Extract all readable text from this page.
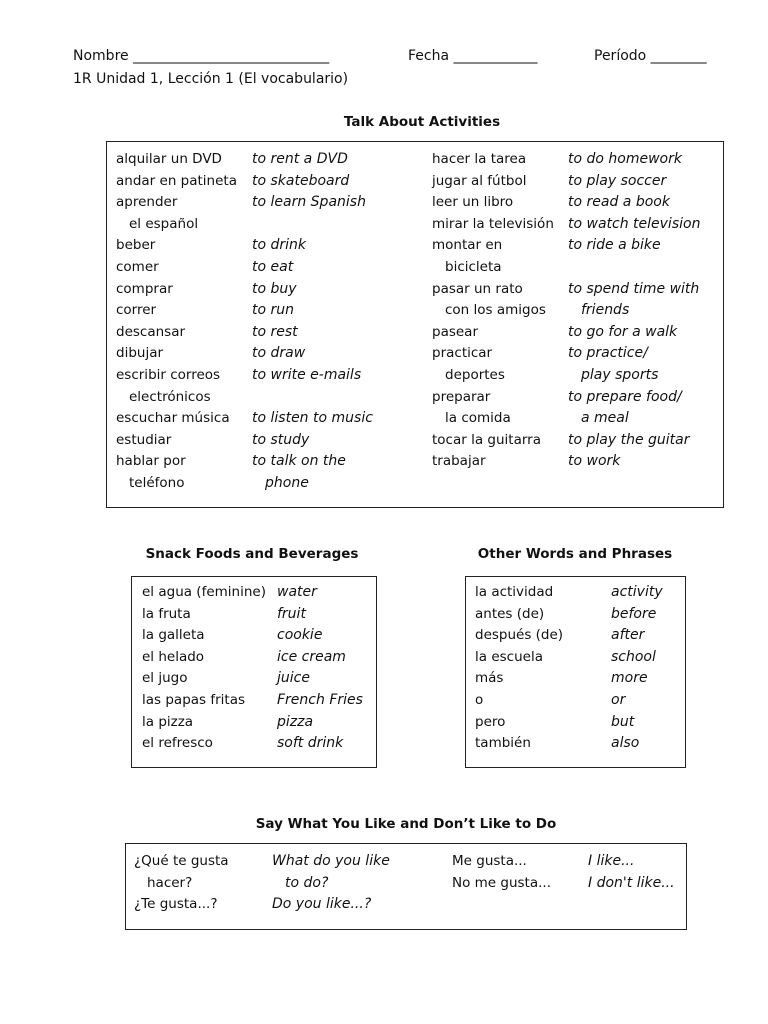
Nombre ____________________________	Fecha ____________	Período ________
1R Unidad 1, Lección 1 (El vocabulario)
Talk About Activities
alquilar un DVD
andar en patineta
aprender
el español
beber
comer
comprar
correr
descansar
dibujar
escribir correos
electrónicos
escuchar música
estudiar
hablar por
teléfono
to rent a DVD
to skateboard
to learn Spanish
to drink
to eat
to buy
to run
to rest
to draw
to write e-mails
to listen to music
to study
to talk on the
phone
hacer la tarea
jugar al fútbol
leer un libro
mirar la televisión
montar en
bicicleta
pasar un rato
con los amigos
pasear
practicar
deportes
preparar
la comida
tocar la guitarra
trabajar
to do homework
to play soccer
to read a book
to watch television
to ride a bike
to spend time with
friends
to go for a walk
to practice/
play sports
to prepare food/
a meal
to play the guitar
to work
Snack Foods and Beverages
el agua (feminine)
la fruta
la galleta
el helado
el jugo
las papas fritas
la pizza
el refresco
water
fruit
cookie
ice cream
juice
French Fries
pizza
soft drink
Other Words and Phrases
la actividad
antes (de)
después (de)
la escuela
más
o
pero
también
activity
before
after
school
more
or
but
also
Say What You Like and Don’t Like to Do
¿Qué te gusta
hacer?
¿Te gusta...?
What do you like
to do?
Do you like...?
Me gusta...
No me gusta...
I like...
I don't like...
